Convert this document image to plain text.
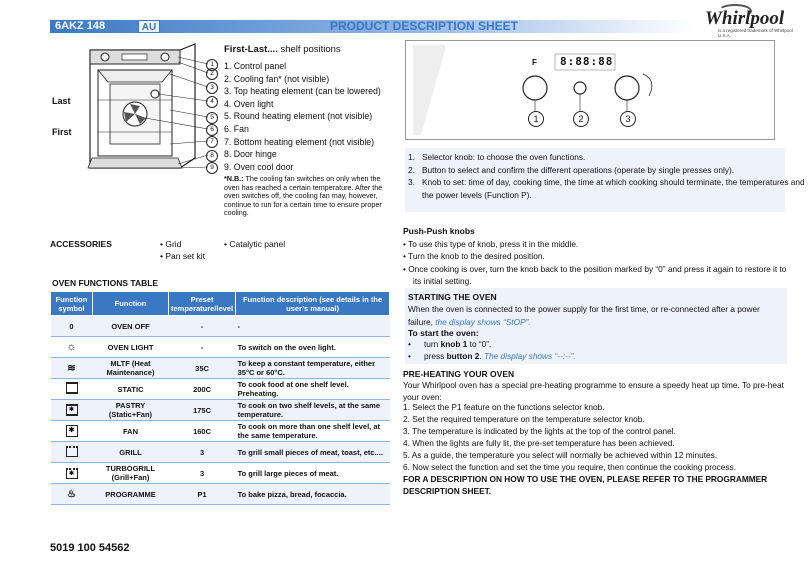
6AKZ 148	AU	PRODUCT DESCRIPTION SHEET	Whirlpool
is a registered trademark of Whirlpool U.S.A.
Last
First
1
2
3
4
5
6
7
8
9
First-Last.... shelf positions
1. Control panel
2. Cooling fan* (not visible)
3. Top heating element (can be lowered)
4. Oven light
5. Round heating element (not visible)
6. Fan
7. Bottom heating element (not visible)
8. Door hinge
9. Oven cool door
*N.B.: The cooling fan switches on only when the oven has reached a certain temperature. After the oven switches off, the cooling fan may, however, continue to run for a certain time to ensure proper cooling.
F 8:88:88
1	2	3
1. Selector knob: to choose the oven functions.
2. Button to select and confirm the different operations (operate by single presses only).
3. Knob to set: time of day, cooking time, the time at which cooking should terminate, the temperatures and the power levels (Function P).
ACCESSORIES	• Grid
• Pan set kit
• Catalytic panel
OVEN FUNCTIONS TABLE
Function symbol	Function	Preset temperature/level	Function description (see details in the user’s manual)
0	OVEN OFF	-	-
☼	OVEN LIGHT	-	To switch on the oven light.
≋	MLTF (Heat Maintenance)	35C	To keep a constant temperature, either 35°C or 60°C.
	STATIC	200C	To cook food at one shelf level. Preheating.
✱	PASTRY (Static+Fan)	175C	To cook on two shelf levels, at the same temperature.
✱	FAN	160C	To cook on more than one shelf level, at the same temperature.
	GRILL	3	To grill small pieces of meat, toast, etc....
✱	TURBOGRILL (Grill+Fan)	3	To grill large pieces of meat.
♨	PROGRAMME	P1	To bake pizza, bread, focaccia.
Push-Push knobs
• To use this type of knob, press it in the middle.
• Turn the knob to the desired position.
• Once cooking is over, turn the knob back to the position marked by “0” and press it again to restore it to its initial setting.
STARTING THE OVEN
When the oven is connected to the power supply for the first time, or re-connected after a power failure, the display shows “StOP”.
To start the oven:
• turn knob 1 to “0”.
• press button 2. The display shows “--:--”.
PRE-HEATING YOUR OVEN
Your Whirlpool oven has a special pre-heating programme to ensure a speedy heat up time. To pre-heat your oven:
1. Select the P1 feature on the functions selector knob.
2. Set the required temperature on the temperature selector knob.
3. The temperature is indicated by the lights at the top of the control panel.
4. When the lights are fully lit, the pre-set temperature has been achieved.
5. As a guide, the temperature you select will normally be achieved within 12 minutes.
6. Now select the function and set the time you require, then continue the cooking process.
FOR A DESCRIPTION ON HOW TO USE THE OVEN, PLEASE REFER TO THE PROGRAMMER DESCRIPTION SHEET.
5019 100 54562
